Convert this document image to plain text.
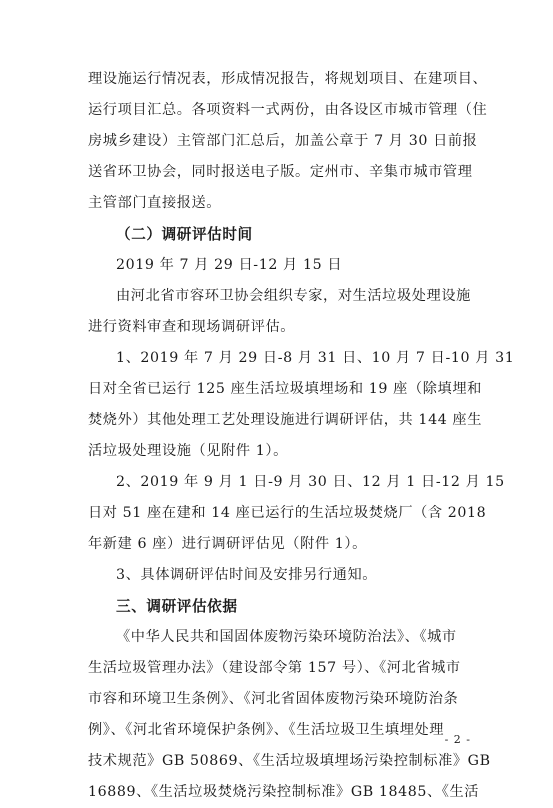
理设施运行情况表，形成情况报告，将规划项目、在建项目、
运行项目汇总。各项资料一式两份，由各设区市城市管理（住
房城乡建设）主管部门汇总后，加盖公章于 7 月 30 日前报
送省环卫协会，同时报送电子版。定州市、辛集市城市管理
主管部门直接报送。
（二）调研评估时间
2019 年 7 月 29 日-12 月 15 日
由河北省市容环卫协会组织专家，对生活垃圾处理设施
进行资料审查和现场调研评估。
1、2019 年 7 月 29 日-8 月 31 日、10 月 7 日-10 月 31
日对全省已运行 125 座生活垃圾填埋场和 19 座（除填埋和
焚烧外）其他处理工艺处理设施进行调研评估，共 144 座生
活垃圾处理设施（见附件 1）。
2、2019 年 9 月 1 日-9 月 30 日、12 月 1 日-12 月 15
日对 51 座在建和 14 座已运行的生活垃圾焚烧厂（含 2018
年新建 6 座）进行调研评估见（附件 1）。
3、具体调研评估时间及安排另行通知。
三、调研评估依据
《中华人民共和国固体废物污染环境防治法》、《城市
生活垃圾管理办法》（建设部令第 157 号）、《河北省城市
市容和环境卫生条例》、《河北省固体废物污染环境防治条
例》、《河北省环境保护条例》、《生活垃圾卫生填埋处理
技术规范》GB 50869、《生活垃圾填埋场污染控制标准》GB
16889、《生活垃圾焚烧污染控制标准》GB 18485、《生活
- 2 -
